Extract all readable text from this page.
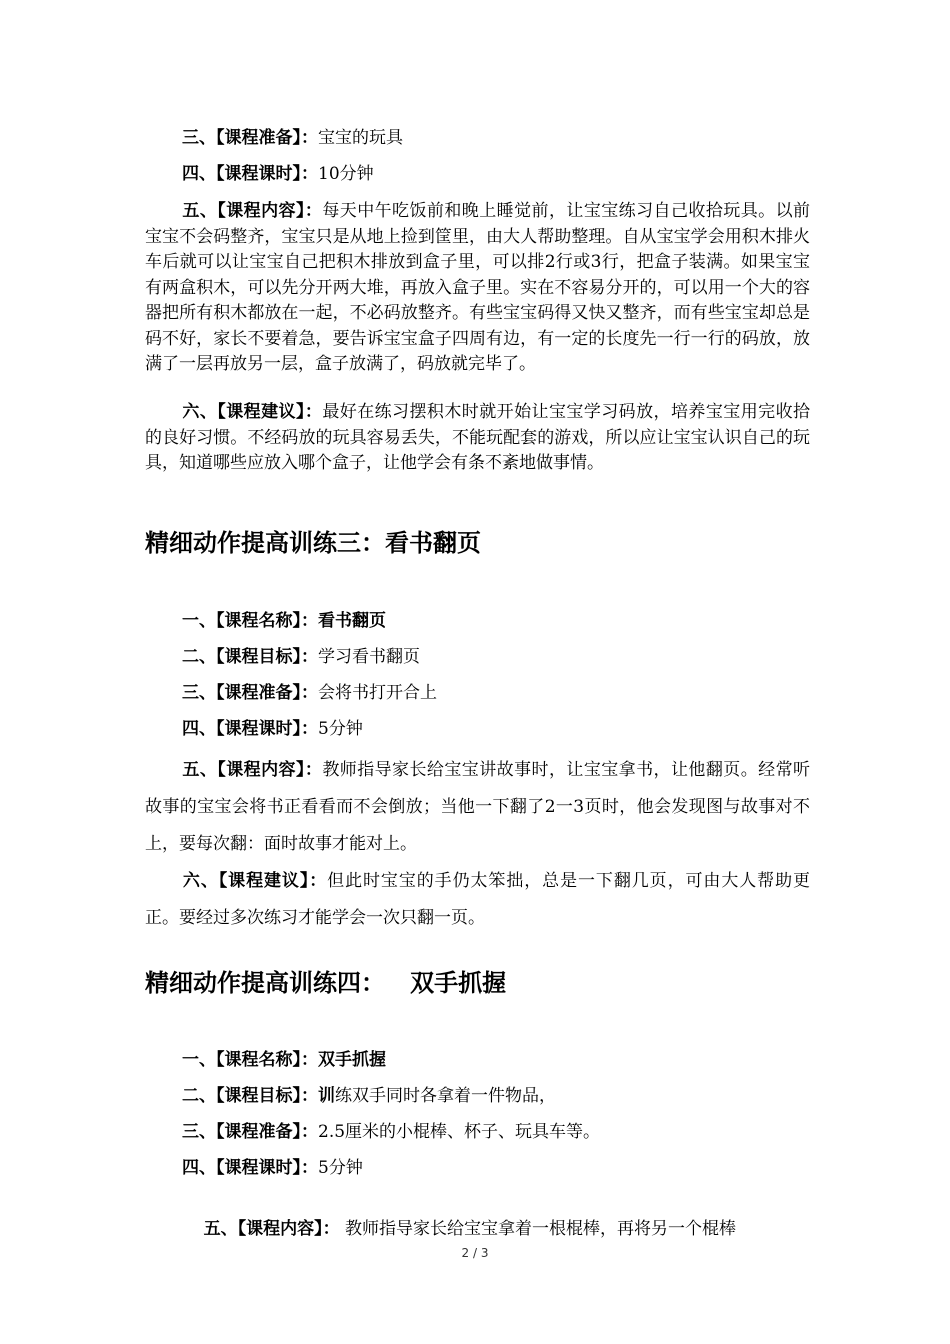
三、【课程准备】：宝宝的玩具
四、【课程课时】：10分钟
五、【课程内容】：每天中午吃饭前和晚上睡觉前，让宝宝练习自己收拾玩具。以前宝宝不会码整齐，宝宝只是从地上捡到筐里，由大人帮助整理。自从宝宝学会用积木排火车后就可以让宝宝自己把积木排放到盒子里，可以排2行或3行，把盒子装满。如果宝宝有两盒积木，可以先分开两大堆，再放入盒子里。实在不容易分开的，可以用一个大的容器把所有积木都放在一起，不必码放整齐。有些宝宝码得又快又整齐，而有些宝宝却总是码不好，家长不要着急，要告诉宝宝盒子四周有边，有一定的长度先一行一行的码放，放满了一层再放另一层，盒子放满了，码放就完毕了。
六、【课程建议】：最好在练习摆积木时就开始让宝宝学习码放，培养宝宝用完收拾的良好习惯。不经码放的玩具容易丢失，不能玩配套的游戏，所以应让宝宝认识自己的玩具，知道哪些应放入哪个盒子，让他学会有条不紊地做事情。
精细动作提高训练三：看书翻页
一、【课程名称】：看书翻页
二、【课程目标】：学习看书翻页
三、【课程准备】：会将书打开合上
四、【课程课时】：5分钟
五、【课程内容】：教师指导家长给宝宝讲故事时，让宝宝拿书，让他翻页。经常听故事的宝宝会将书正看看而不会倒放；当他一下翻了2一3页时，他会发现图与故事对不上，要每次翻：面时故事才能对上。
六、【课程建议】：但此时宝宝的手仍太笨拙，总是一下翻几页，可由大人帮助更正。要经过多次练习才能学会一次只翻一页。
精细动作提高训练四：   双手抓握
一、【课程名称】：双手抓握
二、【课程目标】：训练双手同时各拿着一件物品，
三、【课程准备】：2.5厘米的小棍棒、杯子、玩具车等。
四、【课程课时】：5分钟

五、【课程内容】： 教师指导家长给宝宝拿着一根棍棒，再将另一个棍棒

2 / 3
